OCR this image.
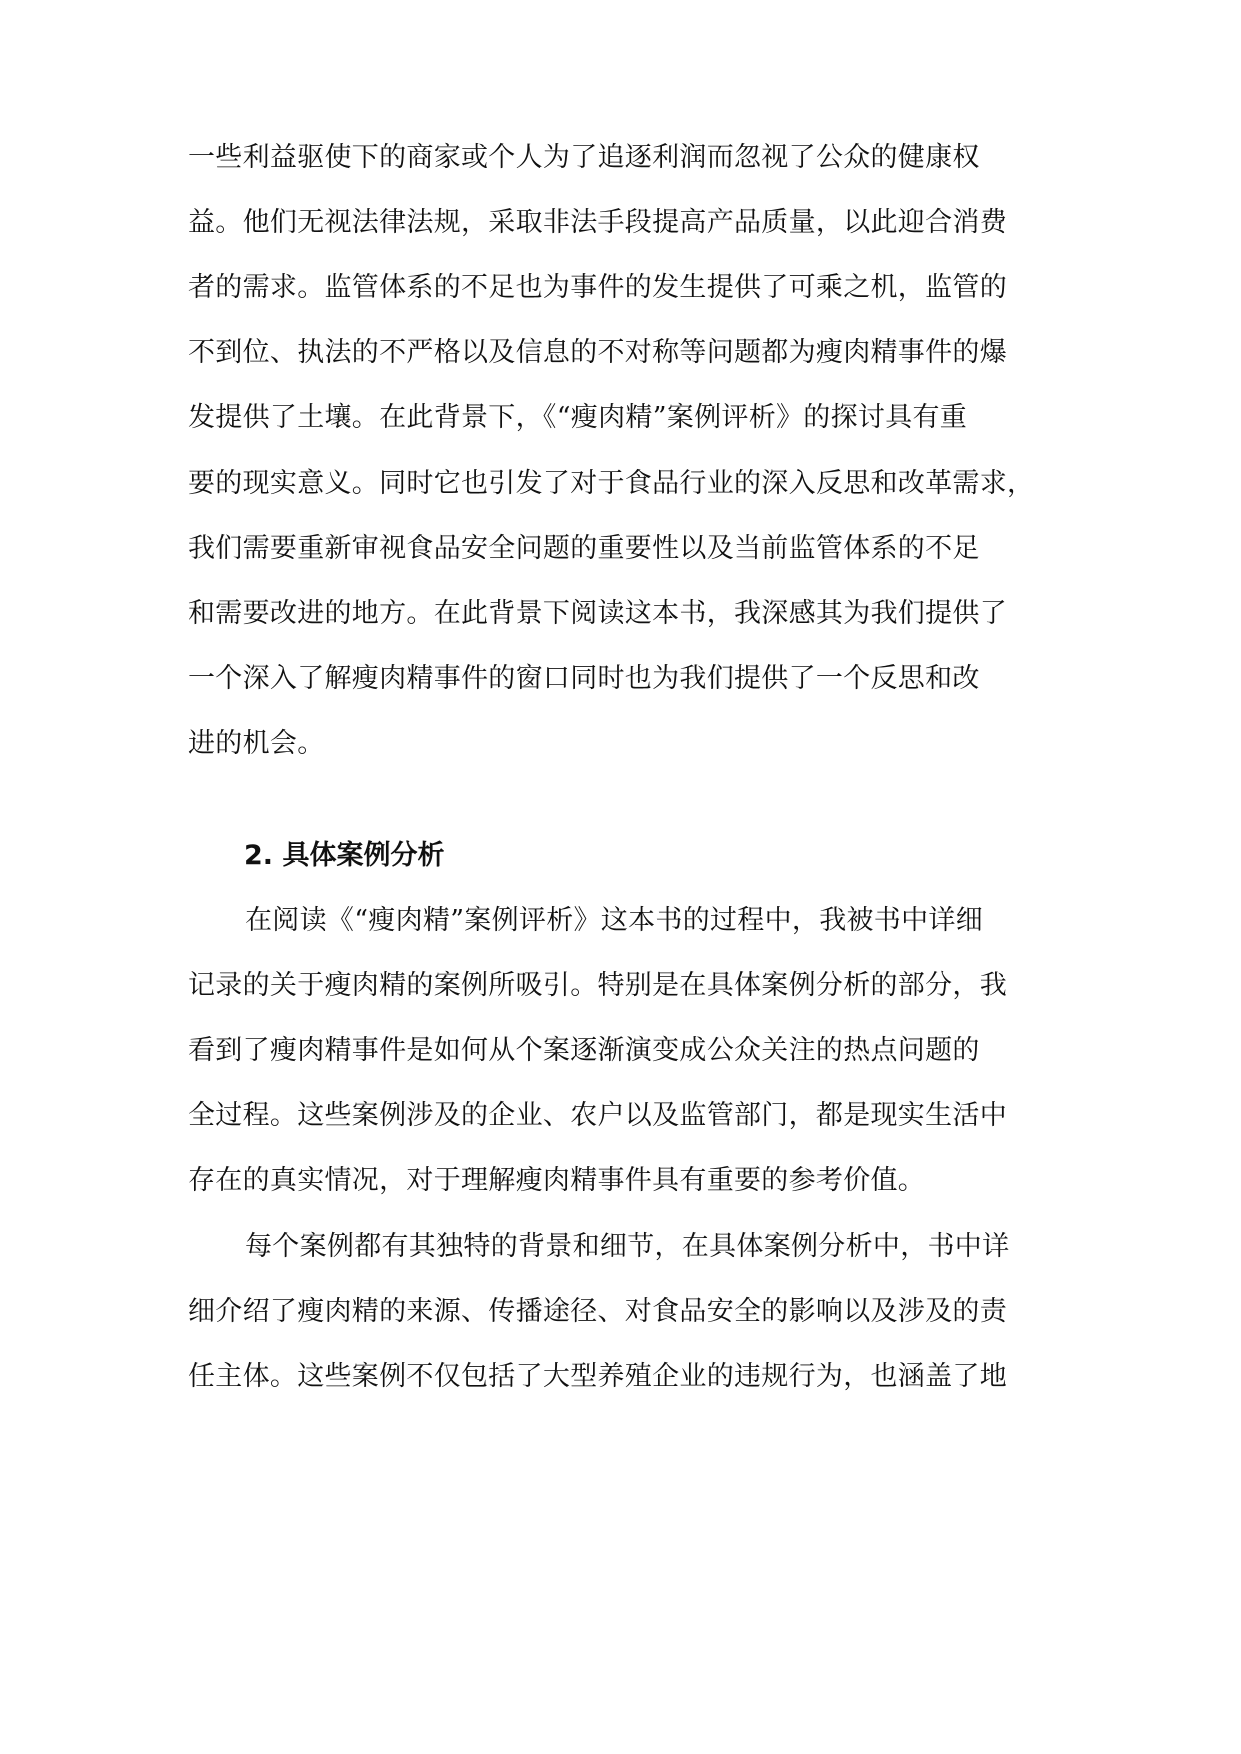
一些利益驱使下的商家或个人为了追逐利润而忽视了公众的健康权
益。他们无视法律法规，采取非法手段提高产品质量，以此迎合消费
者的需求。监管体系的不足也为事件的发生提供了可乘之机，监管的
不到位、执法的不严格以及信息的不对称等问题都为瘦肉精事件的爆
发提供了土壤。在此背景下，《“瘦肉精”案例评析》的探讨具有重
要的现实意义。同时它也引发了对于食品行业的深入反思和改革需求，
我们需要重新审视食品安全问题的重要性以及当前监管体系的不足
和需要改进的地方。在此背景下阅读这本书，我深感其为我们提供了
一个深入了解瘦肉精事件的窗口同时也为我们提供了一个反思和改
进的机会。
2. 具体案例分析
在阅读《“瘦肉精”案例评析》这本书的过程中，我被书中详细
记录的关于瘦肉精的案例所吸引。特别是在具体案例分析的部分，我
看到了瘦肉精事件是如何从个案逐渐演变成公众关注的热点问题的
全过程。这些案例涉及的企业、农户以及监管部门，都是现实生活中
存在的真实情况，对于理解瘦肉精事件具有重要的参考价值。
每个案例都有其独特的背景和细节，在具体案例分析中，书中详
细介绍了瘦肉精的来源、传播途径、对食品安全的影响以及涉及的责
任主体。这些案例不仅包括了大型养殖企业的违规行为，也涵盖了地
